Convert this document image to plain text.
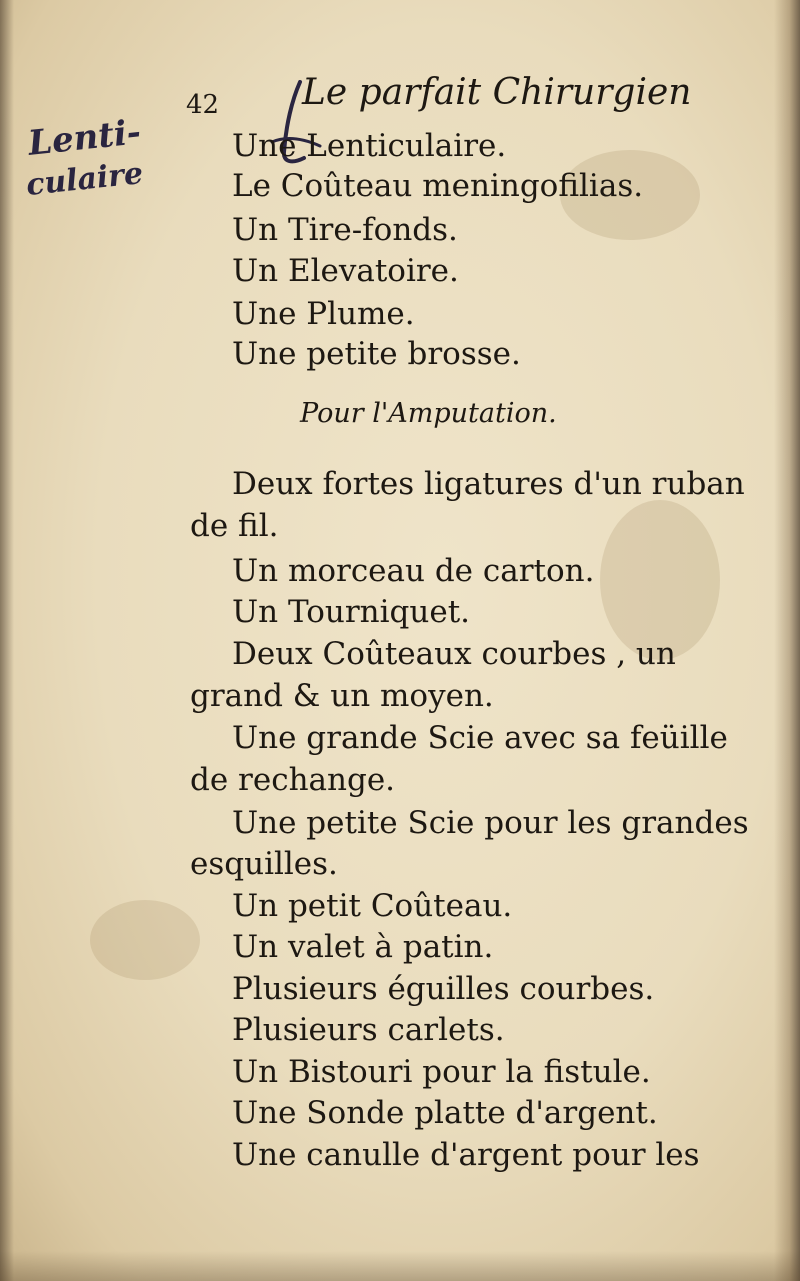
42 Le parfait Chirurgien
Lenti-
culaire
Une Lenticulaire.
Le Coûteau meningofilias.
Un Tire-fonds.
Un Elevatoire.
Une Plume.
Une petite brosse.
Pour l'Amputation.
Deux fortes ligatures d'un ruban
de fil.
Un morceau de carton.
Un Tourniquet.
Deux Coûteaux courbes , un
grand & un moyen.
Une grande Scie avec sa feüille
de rechange.
Une petite Scie pour les grandes
esquilles.
Un petit Coûteau.
Un valet à patin.
Plusieurs éguilles courbes.
Plusieurs carlets.
Un Bistouri pour la fistule.
Une Sonde platte d'argent.
Une canulle d'argent pour les
